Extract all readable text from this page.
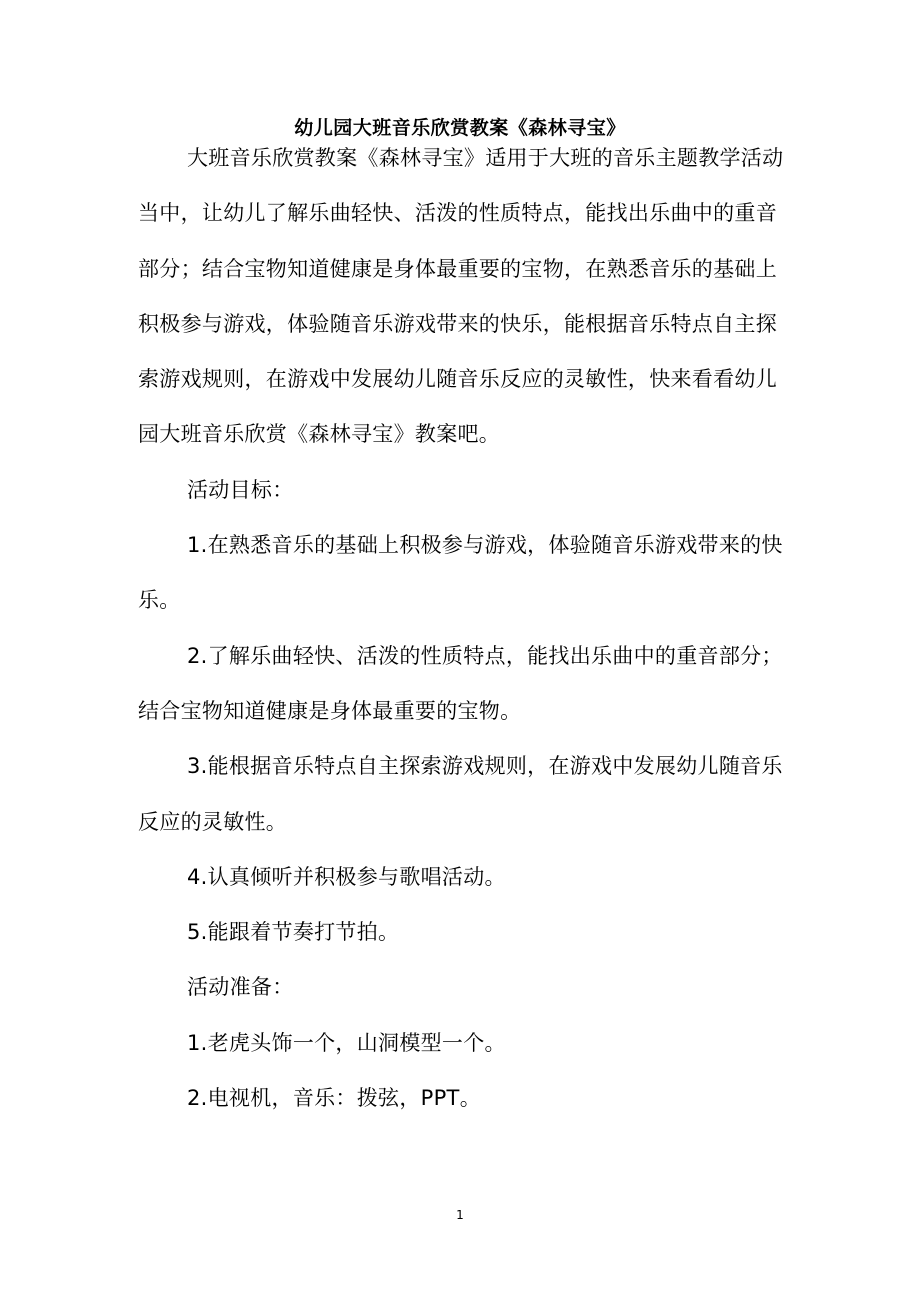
幼儿园大班音乐欣赏教案《森林寻宝》
大班音乐欣赏教案《森林寻宝》适用于大班的音乐主题教学活动
当中，让幼儿了解乐曲轻快、活泼的性质特点，能找出乐曲中的重音
部分；结合宝物知道健康是身体最重要的宝物，在熟悉音乐的基础上
积极参与游戏，体验随音乐游戏带来的快乐，能根据音乐特点自主探
索游戏规则，在游戏中发展幼儿随音乐反应的灵敏性，快来看看幼儿
园大班音乐欣赏《森林寻宝》教案吧。
活动目标：
1.在熟悉音乐的基础上积极参与游戏，体验随音乐游戏带来的快
乐。
2.了解乐曲轻快、活泼的性质特点，能找出乐曲中的重音部分；
结合宝物知道健康是身体最重要的宝物。
3.能根据音乐特点自主探索游戏规则，在游戏中发展幼儿随音乐
反应的灵敏性。
4.认真倾听并积极参与歌唱活动。
5.能跟着节奏打节拍。
活动准备：
1.老虎头饰一个，山洞模型一个。
2.电视机，音乐：拨弦，PPT。
1
